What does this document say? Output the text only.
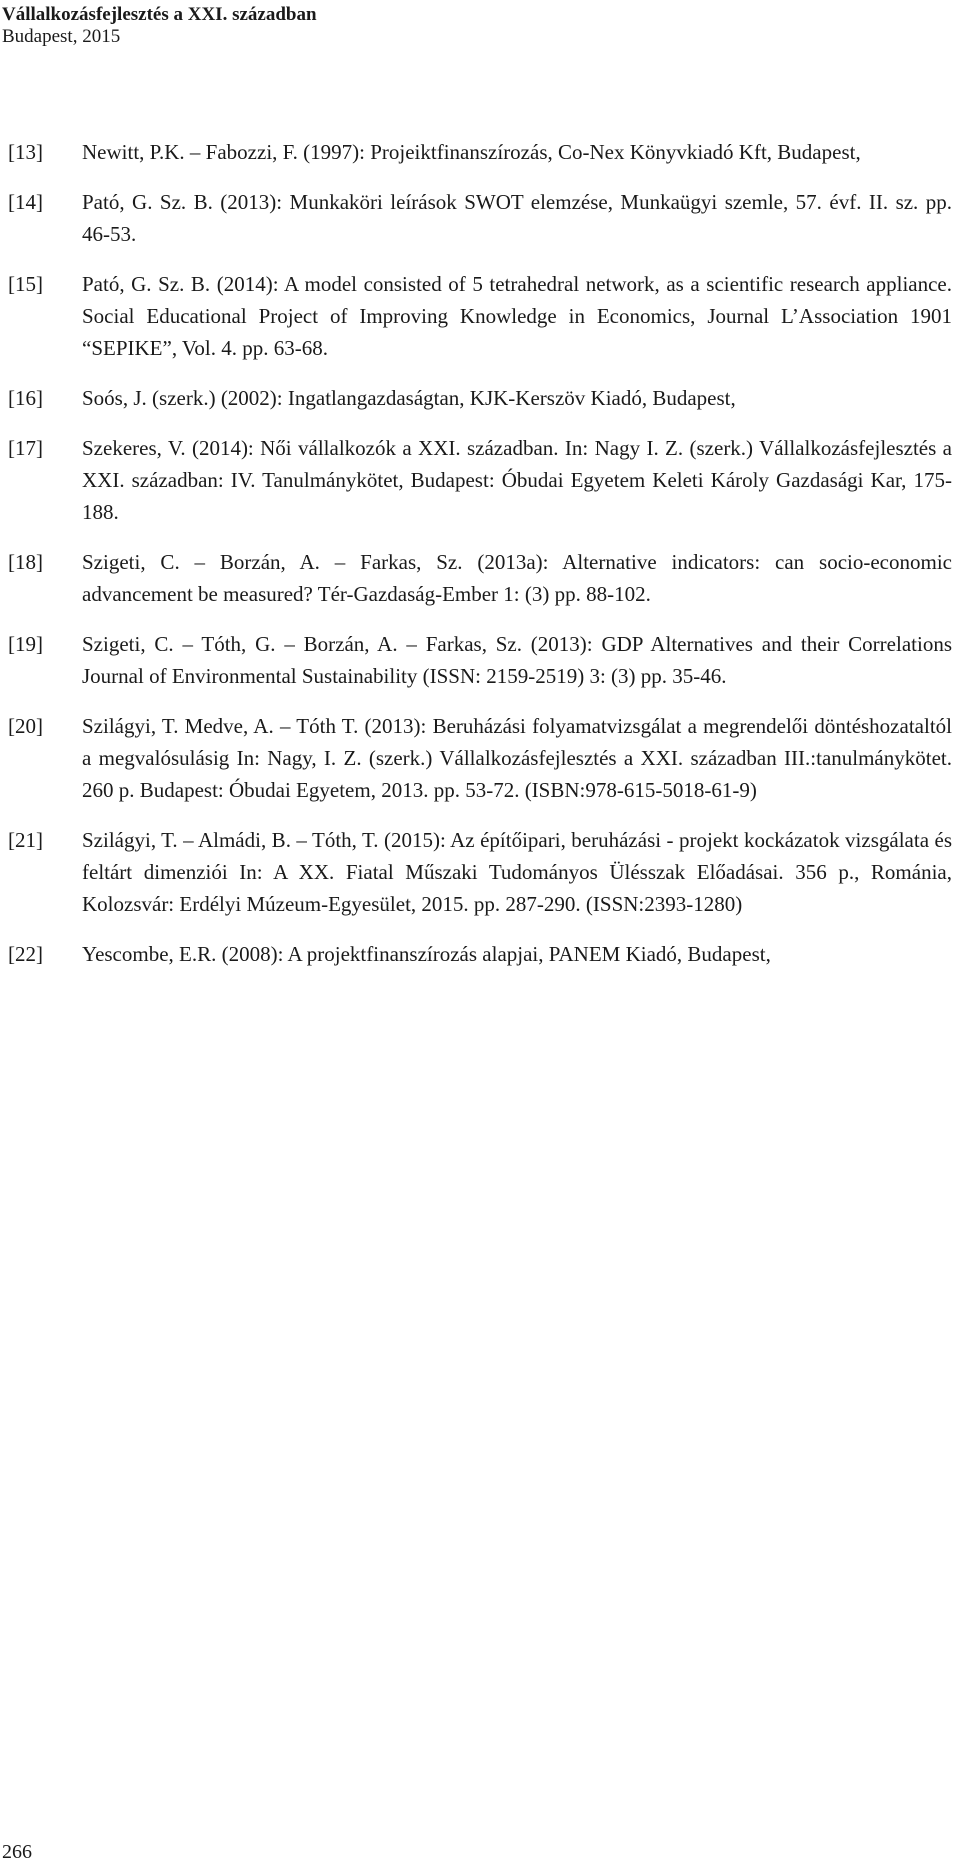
Vállalkozásfejlesztés a XXI. században
Budapest, 2015
[13] Newitt, P.K. – Fabozzi, F. (1997): Projeiktfinanszírozás, Co-Nex Könyvkiadó Kft, Budapest,
[14] Pató, G. Sz. B. (2013): Munkaköri leírások SWOT elemzése, Munkaügyi szemle, 57. évf. II. sz. pp. 46-53.
[15] Pató, G. Sz. B. (2014): A model consisted of 5 tetrahedral network, as a scientific research appliance. Social Educational Project of Improving Knowledge in Economics, Journal L’Association 1901 “SEPIKE”, Vol. 4. pp. 63-68.
[16] Soós, J. (szerk.) (2002): Ingatlangazdaságtan, KJK-Kerszöv Kiadó, Budapest,
[17] Szekeres, V. (2014): Női vállalkozók a XXI. században. In: Nagy I. Z. (szerk.) Vállalkozásfejlesztés a XXI. században: IV. Tanulmánykötet, Budapest: Óbudai Egyetem Keleti Károly Gazdasági Kar, 175-188.
[18] Szigeti, C. – Borzán, A. – Farkas, Sz. (2013a): Alternative indicators: can socio-economic advancement be measured? Tér-Gazdaság-Ember 1: (3) pp. 88-102.
[19] Szigeti, C. – Tóth, G. – Borzán, A. – Farkas, Sz. (2013): GDP Alternatives and their Correlations Journal of Environmental Sustainability (ISSN: 2159-2519) 3: (3) pp. 35-46.
[20] Szilágyi, T. Medve, A. – Tóth T. (2013): Beruházási folyamatvizsgálat a megrendelői döntéshozataltól a megvalósulásig In: Nagy, I. Z. (szerk.) Vállalkozásfejlesztés a XXI. században III.:tanulmánykötet. 260 p. Budapest: Óbudai Egyetem, 2013. pp. 53-72. (ISBN:978-615-5018-61-9)
[21] Szilágyi, T. – Almádi, B. – Tóth, T. (2015): Az építőipari, beruházási - projekt kockázatok vizsgálata és feltárt dimenziói In: A XX. Fiatal Műszaki Tudományos Ülésszak Előadásai. 356 p., Románia, Kolozsvár: Erdélyi Múzeum-Egyesület, 2015. pp. 287-290. (ISSN:2393-1280)
[22] Yescombe, E.R. (2008): A projektfinanszírozás alapjai, PANEM Kiadó, Budapest,
266
